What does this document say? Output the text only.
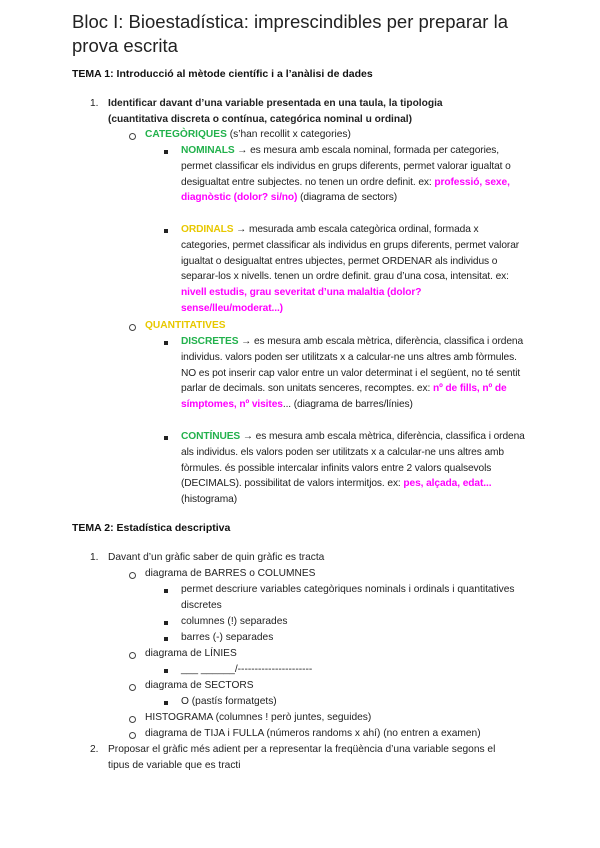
Bloc I: Bioestadística: imprescindibles per preparar la prova escrita
TEMA 1: Introducció al mètode científic i a l’anàlisi de dades
1. Identificar davant d’una variable presentada en una taula, la tipologia (cuantitativa discreta o contínua, categórica nominal u ordinal)
CATEGÒRIQUES (s’han recollit x categories)
NOMINALS → es mesura amb escala nominal, formada per categories, permet classificar els individus en grups diferents, permet valorar igualtat o desigualtat entre subjectes. no tenen un ordre definit. ex: professió, sexe, diagnòstic (dolor? si/no) (diagrama de sectors)
ORDINALS → mesurada amb escala categòrica ordinal, formada x categories, permet classificar als individus en grups diferents, permet valorar igualtat o desigualtat entres ubjectes, permet ORDENAR als individus o separar-los x nivells. tenen un ordre definit. grau d’una cosa, intensitat. ex: nivell estudis, grau severitat d’una malaltia (dolor? sense/lleu/moderat...)
QUANTITATIVES
DISCRETES → es mesura amb escala mètrica, diferència, classifica i ordena individus. valors poden ser utilitzats x a calcular-ne uns altres amb fòrmules. NO es pot inserir cap valor entre un valor determinat i el següent, no té sentit parlar de decimals. son unitats senceres, recomptes. ex: nº de fills, nº de símptomes, nº visites... (diagrama de barres/línies)
CONTÍNUES → es mesura amb escala mètrica, diferència, classifica i ordena als individus. els valors poden ser utilitzats x a calcular-ne uns altres amb fòrmules. és possible intercalar infinits valors entre 2 valors qualsevols (DECIMALS). possibilitat de valors intermitjos. ex: pes, alçada, edat... (histograma)
TEMA 2: Estadística descriptiva
1. Davant d’un gràfic saber de quin gràfic es tracta
diagrama de BARRES o COLUMNES
permet descriure variables categòriques nominals i ordinals i quantitatives discretes
columnes (!) separades
barres (-) separades
diagrama de LÍNIES
___ ______/----------------------
diagrama de SECTORS
O (pastís formatgets)
HISTOGRAMA (columnes ! però juntes, seguides)
diagrama de TIJA i FULLA (números randoms x ahí) (no entren a examen)
2. Proposar el gràfic més adient per a representar la freqüència d’una variable segons el tipus de variable que es tracti
